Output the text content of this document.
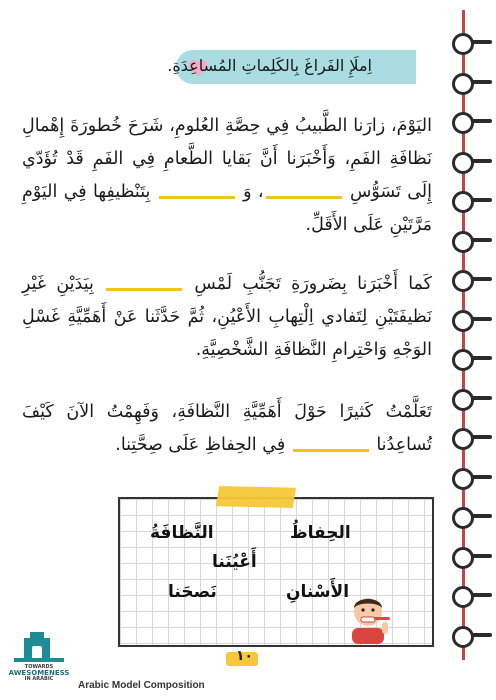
اِملَإِ الفَراغَ بِالكَلِماتِ المُساعِدَةِ.
اليَوْمَ، زارَنا الطَّبيبُ فِي حِصَّةِ العُلومِ، شَرَحَ خُطورَةَ إِهْمالِ نَظافَةِ الفَمِ، وَأَخْبَرَنا أَنَّ بَقايا الطَّعامِ فِي الفَمِ قَدْ تُؤَدّي إِلَى تَسَوُّسِ ، وَ  بِتَنْظيفِها فِي اليَوْمِ مَرَّتَيْنِ عَلَى الأَقَلِّ.
كَما أَخْبَرَنا بِضَرورَةِ تَجَنُّبِ لَمْسِ  بِيَدَيْنِ غَيْرِ نَظيفَتَيْنِ لِتَفادي اِلْتِهابِ الأَعْيُنِ، ثُمَّ حَدَّثَنا عَنْ أَهَمِّيَّةِ غَسْلِ الوَجْهِ وَاحْتِرامِ النَّظافَةِ الشَّخْصِيَّةِ.
تَعَلَّمْتُ كَثيرًا حَوْلَ أَهَمِّيَّةِ النَّظافَةِ، وَفَهِمْتُ الآنَ كَيْفَ تُساعِدُنا  فِي الحِفاظِ عَلَى صِحَّتِنا.
الحِفاظُ
النَّظافَةُ
أَعْيُنَنا
الأَسْنانِ
نَصحَنا
TOWARDS
AWESOMENESS
IN ARABIC
١٠
Arabic Model Composition
